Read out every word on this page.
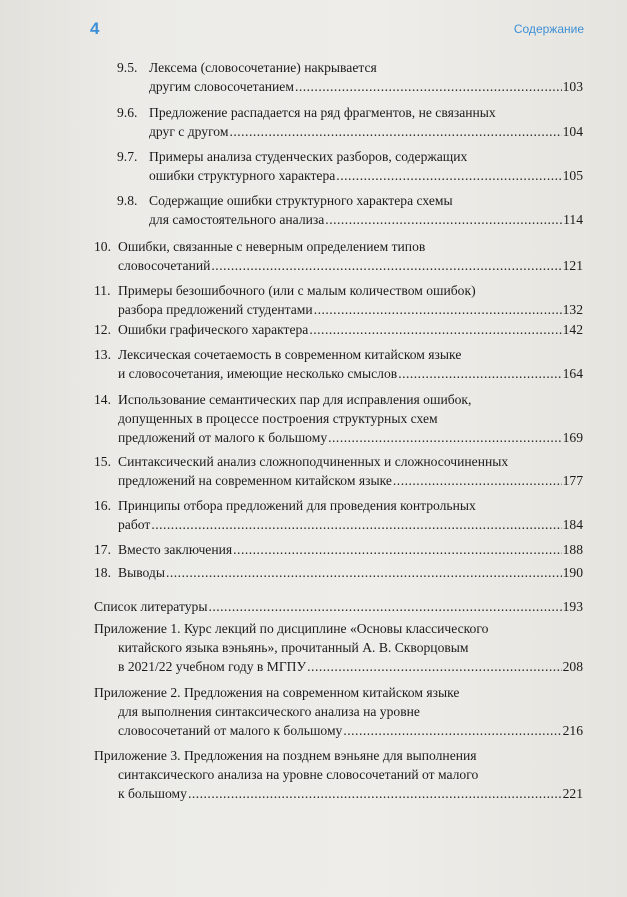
4	Содержание
9.5. Лексема (словосочетание) накрывается
другим словосочетанием .....	103
9.6. Предложение распадается на ряд фрагментов, не связанных
друг с другом .....	104
9.7. Примеры анализа студенческих разборов, содержащих
ошибки структурного характера .....	105
9.8. Содержащие ошибки структурного характера схемы
для самостоятельного анализа .....	114
10. Ошибки, связанные с неверным определением типов
словосочетаний .....	121
11. Примеры безошибочного (или с малым количеством ошибок)
разбора предложений студентами .....	132
12. Ошибки графического характера .....	142
13. Лексическая сочетаемость в современном китайском языке
и словосочетания, имеющие несколько смыслов .....	164
14. Использование семантических пар для исправления ошибок,
допущенных в процессе построения структурных схем
предложений от малого к большому .....	169
15. Синтаксический анализ сложноподчиненных и сложносочиненных
предложений на современном китайском языке .....	177
16. Принципы отбора предложений для проведения контрольных
работ .....	184
17. Вместо заключения .....	188
18. Выводы .....	190
Список литературы .....	193
Приложение 1. Курс лекций по дисциплине «Основы классического
китайского языка вэньянь», прочитанный А. В. Скворцовым
в 2021/22 учебном году в МГПУ .....	208
Приложение 2. Предложения на современном китайском языке
для выполнения синтаксического анализа на уровне
словосочетаний от малого к большому .....	216
Приложение 3. Предложения на позднем вэньяне для выполнения
синтаксического анализа на уровне словосочетаний от малого
к большому .....	221
